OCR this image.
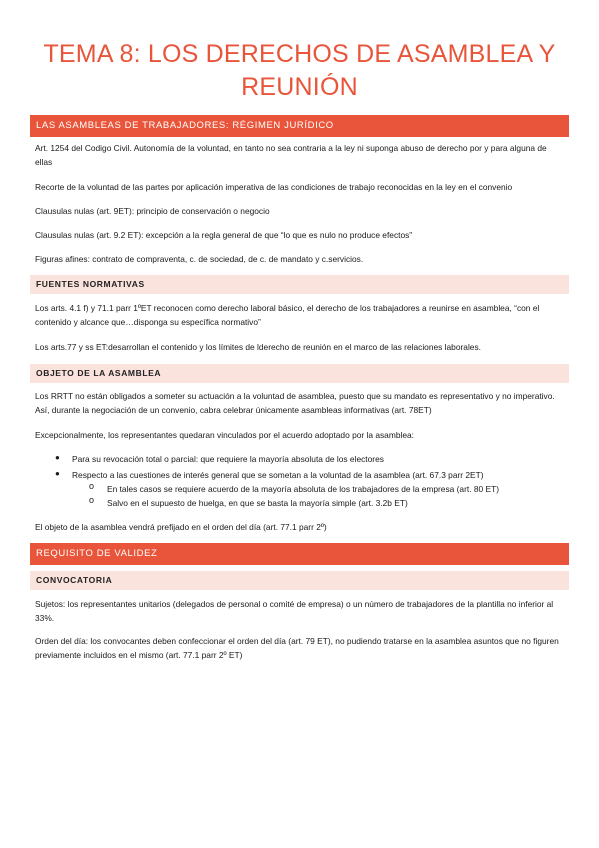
TEMA 8: LOS DERECHOS DE ASAMBLEA Y REUNIÓN
LAS ASAMBLEAS DE TRABAJADORES: RÉGIMEN JURÍDICO
Art. 1254 del Codigo Civil. Autonomía de la voluntad, en tanto no sea contraria a la ley ni suponga abuso de derecho por y para alguna de ellas
Recorte de la voluntad de las partes por aplicación imperativa de las condiciones de trabajo reconocidas en la ley en el convenio
Clausulas nulas (art. 9ET): principio de conservación o negocio
Clausulas nulas (art. 9.2 ET): excepción a la regla general de que “lo que es nulo no produce efectos”
Figuras afines: contrato de compraventa, c. de sociedad, de c. de mandato y c.servicios.
FUENTES NORMATIVAS
Los arts. 4.1 f) y 71.1 parr 1ºET reconocen como derecho laboral básico, el derecho de los trabajadores a reunirse en asamblea, “con el contenido y alcance que…disponga su específica normativo”
Los arts.77 y ss ET:desarrollan el contenido y los límites de lderecho de reunión en el marco de las relaciones laborales.
OBJETO DE LA ASAMBLEA
Los RRTT no están obligados a someter su actuación a la voluntad de asamblea, puesto que su mandato es representativo y no imperativo. Así, durante la negociación de un convenio, cabra celebrar únicamente asambleas informativas (art. 78ET)
Excepcionalmente, los representantes quedaran vinculados por el acuerdo adoptado por la asamblea:
● Para su revocación total o parcial: que requiere la mayoría absoluta de los electores
● Respecto a las cuestiones de interés general que se sometan a la voluntad de la asamblea (art. 67.3 parr 2ET)
o En tales casos se requiere acuerdo de la mayoría absoluta de los trabajadores de la empresa (art. 80 ET)
o Salvo en el supuesto de huelga, en que se basta la mayoría simple (art. 3.2b ET)
El objeto de la asamblea vendrá prefijado en el orden del día (art. 77.1 parr 2º)
REQUISITO DE VALIDEZ
CONVOCATORIA
Sujetos: los representantes unitarios (delegados de personal o comité de empresa) o un número de trabajadores de la plantilla no inferior al 33%.
Orden del día: los convocantes deben confeccionar el orden del día (art. 79 ET), no pudiendo tratarse en la asamblea asuntos que no figuren previamente incluidos en el mismo (art. 77.1 parr 2º ET)
